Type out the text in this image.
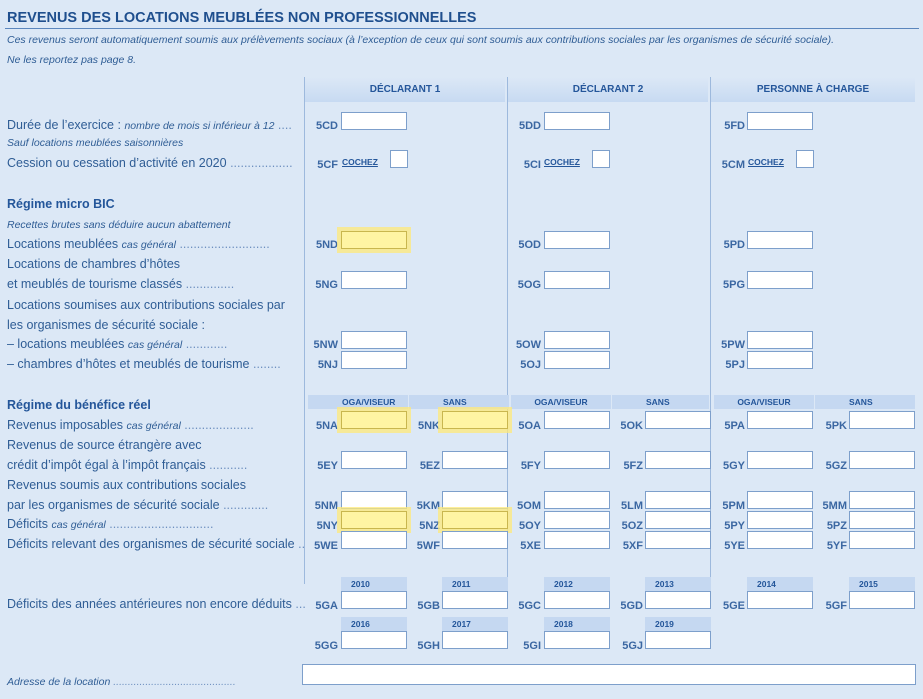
REVENUS DES LOCATIONS MEUBLÉES NON PROFESSIONNELLES
Ces revenus seront automatiquement soumis aux prélèvements sociaux (à l’exception de ceux qui sont soumis aux contributions sociales par les organismes de sécurité sociale).
Ne les reportez pas page 8.
DÉCLARANT 1	DÉCLARANT 2	PERSONNE À CHARGE
Durée de l’exercice : nombre de mois si inférieur à 12 ....
Sauf locations meublées saisonnières
5CD	5DD	5FD
Cession ou cessation d’activité en 2020 ..................	5CF COCHEZ	5CI COCHEZ	5CM COCHEZ
Régime micro BIC
Recettes brutes sans déduire aucun abattement
Locations meublées cas général ..........................	5ND	5OD	5PD
Locations de chambres d’hôtes
et meublés de tourisme classés ..............	5NG	5OG	5PG
Locations soumises aux contributions sociales par
les organismes de sécurité sociale :
– locations meublées cas général ............	5NW	5OW	5PW
– chambres d’hôtes et meublés de tourisme ........	5NJ	5OJ	5PJ
Régime du bénéfice réel	OGA/VISEUR	SANS	OGA/VISEUR	SANS	OGA/VISEUR	SANS
Revenus imposables cas général ....................	5NA	5NK	5OA	5OK	5PA	5PK
Revenus de source étrangère avec
crédit d’impôt égal à l’impôt français ...........	5EY	5EZ	5FY	5FZ	5GY	5GZ
Revenus soumis aux contributions sociales
par les organismes de sécurité sociale .............	5NM	5KM	5OM	5LM	5PM	5MM
Déficits cas général ..............................	5NY	5NZ	5OY	5OZ	5PY	5PZ
Déficits relevant des organismes de sécurité sociale .. 5WE	5WF	5XE	5XF	5YE	5YF
2010	2011	2012	2013	2014	2015
Déficits des années antérieures non encore déduits ... 5GA	5GB	5GC	5GD	5GE	5GF
2016	2017	2018	2019
5GG	5GH	5GI	5GJ
Adresse de la location ..........................................
